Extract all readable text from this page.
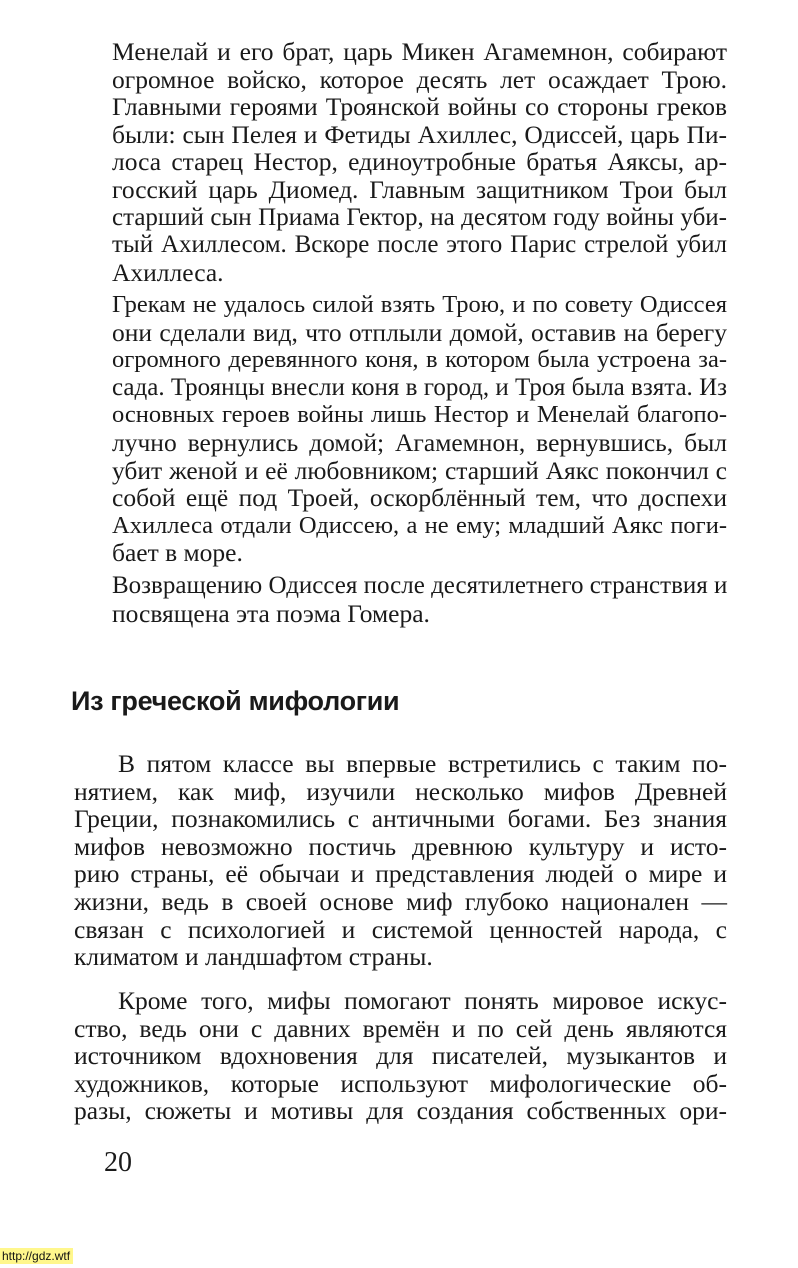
Менелай и его брат, царь Микен Агамемнон, собирают
огромное войско, которое десять лет осаждает Трою.
Главными героями Троянской войны со стороны греков
были: сын Пелея и Фетиды Ахиллес, Одиссей, царь Пи-
лоса старец Нестор, единоутробные братья Аяксы, ар-
госский царь Диомед. Главным защитником Трои был
старший сын Приама Гектор, на десятом году войны уби-
тый Ахиллесом. Вскоре после этого Парис стрелой убил
Ахиллеса.
Грекам не удалось силой взять Трою, и по совету Одиссея
они сделали вид, что отплыли домой, оставив на берегу
огромного деревянного коня, в котором была устроена за-
сада. Троянцы внесли коня в город, и Троя была взята. Из
основных героев войны лишь Нестор и Менелай благопо-
лучно вернулись домой; Агамемнон, вернувшись, был
убит женой и её любовником; старший Аякс покончил с
собой ещё под Троей, оскорблённый тем, что доспехи
Ахиллеса отдали Одиссею, а не ему; младший Аякс поги-
бает в море.
Возвращению Одиссея после десятилетнего странствия и
посвящена эта поэма Гомера.
Из греческой мифологии
В пятом классе вы впервые встретились с таким по-
нятием, как миф, изучили несколько мифов Древней
Греции, познакомились с античными богами. Без знания
мифов невозможно постичь древнюю культуру и исто-
рию страны, её обычаи и представления людей о мире и
жизни, ведь в своей основе миф глубоко национален —
связан с психологией и системой ценностей народа, с
климатом и ландшафтом страны.
Кроме того, мифы помогают понять мировое искус-
ство, ведь они с давних времён и по сей день являются
источником вдохновения для писателей, музыкантов и
художников, которые используют мифологические об-
разы, сюжеты и мотивы для создания собственных ори-
20
http://gdz.wtf
